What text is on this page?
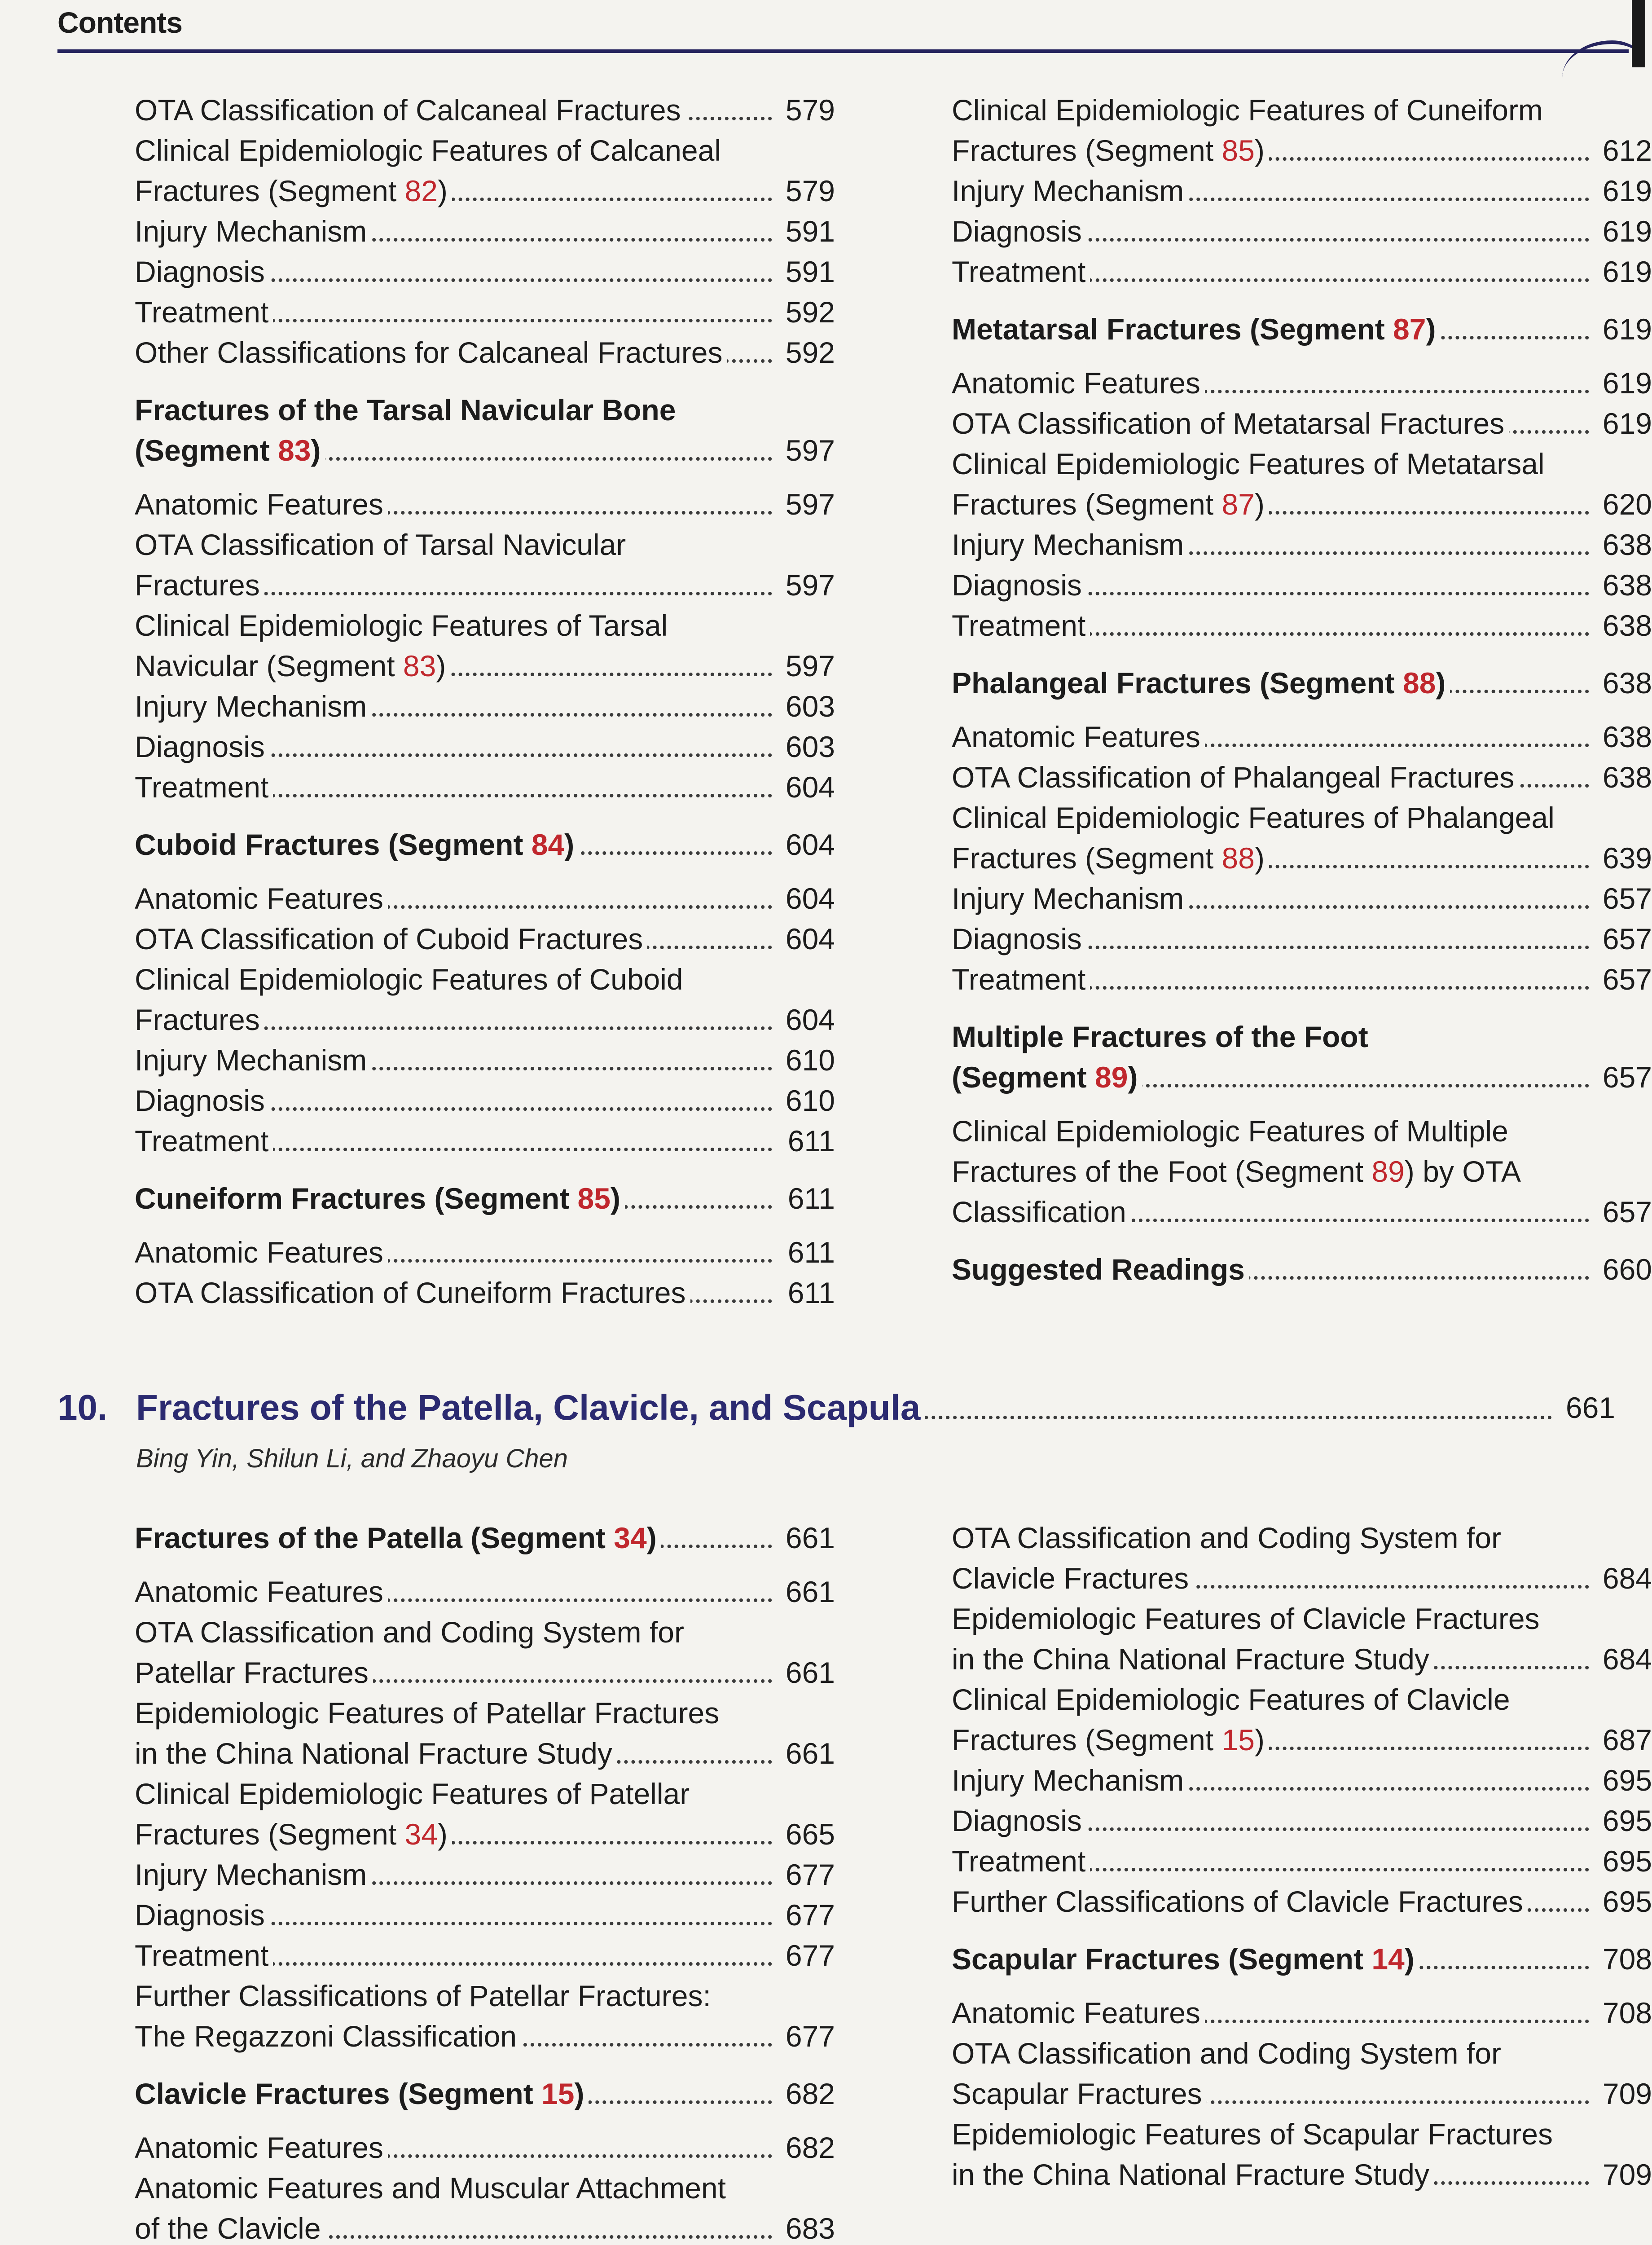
Contents
OTA Classification of Calcaneal Fractures	579
Clinical Epidemiologic Features of Calcaneal
Fractures (Segment 82)	579
Injury Mechanism	591
Diagnosis	591
Treatment	592
Other Classifications for Calcaneal Fractures	592
Fractures of the Tarsal Navicular Bone
(Segment 83)	597
Anatomic Features	597
OTA Classification of Tarsal Navicular
Fractures	597
Clinical Epidemiologic Features of Tarsal
Navicular (Segment 83)	597
Injury Mechanism	603
Diagnosis	603
Treatment	604
Cuboid Fractures (Segment 84)	604
Anatomic Features	604
OTA Classification of Cuboid Fractures	604
Clinical Epidemiologic Features of Cuboid
Fractures	604
Injury Mechanism	610
Diagnosis	610
Treatment	611
Cuneiform Fractures (Segment 85)	611
Anatomic Features	611
OTA Classification of Cuneiform Fractures	611
Clinical Epidemiologic Features of Cuneiform
Fractures (Segment 85)	612
Injury Mechanism	619
Diagnosis	619
Treatment	619
Metatarsal Fractures (Segment 87)	619
Anatomic Features	619
OTA Classification of Metatarsal Fractures	619
Clinical Epidemiologic Features of Metatarsal
Fractures (Segment 87)	620
Injury Mechanism	638
Diagnosis	638
Treatment	638
Phalangeal Fractures (Segment 88)	638
Anatomic Features	638
OTA Classification of Phalangeal Fractures	638
Clinical Epidemiologic Features of Phalangeal
Fractures (Segment 88)	639
Injury Mechanism	657
Diagnosis	657
Treatment	657
Multiple Fractures of the Foot
(Segment 89)	657
Clinical Epidemiologic Features of Multiple
Fractures of the Foot (Segment 89) by OTA
Classification	657
Suggested Readings	660
10. Fractures of the Patella, Clavicle, and Scapula	661
Bing Yin, Shilun Li, and Zhaoyu Chen
Fractures of the Patella (Segment 34)	661
Anatomic Features	661
OTA Classification and Coding System for
Patellar Fractures	661
Epidemiologic Features of Patellar Fractures
in the China National Fracture Study	661
Clinical Epidemiologic Features of Patellar
Fractures (Segment 34)	665
Injury Mechanism	677
Diagnosis	677
Treatment	677
Further Classifications of Patellar Fractures:
The Regazzoni Classification	677
Clavicle Fractures (Segment 15)	682
Anatomic Features	682
Anatomic Features and Muscular Attachment
of the Clavicle	683
OTA Classification and Coding System for
Clavicle Fractures	684
Epidemiologic Features of Clavicle Fractures
in the China National Fracture Study	684
Clinical Epidemiologic Features of Clavicle
Fractures (Segment 15)	687
Injury Mechanism	695
Diagnosis	695
Treatment	695
Further Classifications of Clavicle Fractures	695
Scapular Fractures (Segment 14)	708
Anatomic Features	708
OTA Classification and Coding System for
Scapular Fractures	709
Epidemiologic Features of Scapular Fractures
in the China National Fracture Study	709
